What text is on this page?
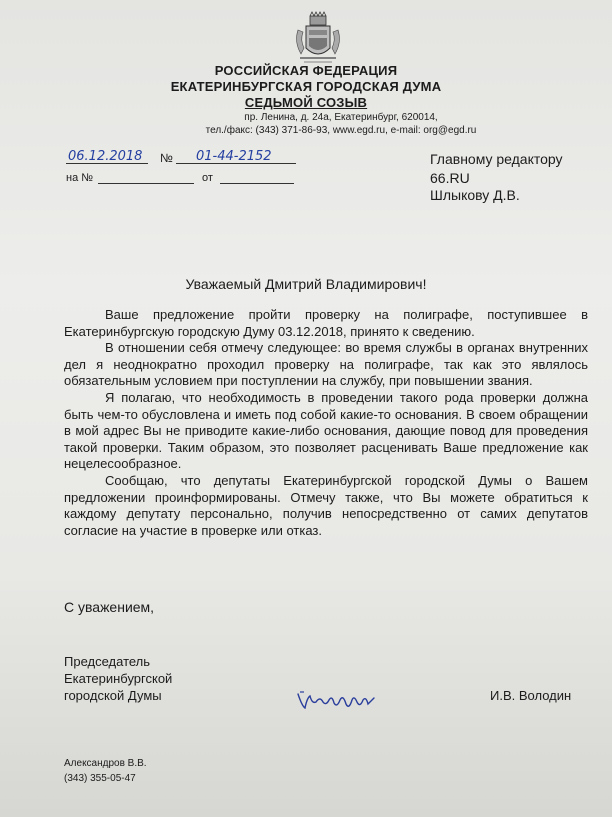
РОССИЙСКАЯ ФЕДЕРАЦИЯ
ЕКАТЕРИНБУРГСКАЯ ГОРОДСКАЯ ДУМА
СЕДЬМОЙ СОЗЫВ
пр. Ленина, д. 24а, Екатеринбург, 620014,
тел./факс: (343) 371-86-93, www.egd.ru, e-mail: org@egd.ru
06.12.2018 № 01-44-2152
на №	от
Главному редактору
66.RU
Шлыкову Д.В.
Уважаемый Дмитрий Владимирович!

Ваше предложение пройти проверку на полиграфе, поступившее в Екатеринбургскую городскую Думу 03.12.2018, принято к сведению.

В отношении себя отмечу следующее: во время службы в органах внутренних дел я неоднократно проходил проверку на полиграфе, так как это являлось обязательным условием при поступлении на службу, при повышении звания.

Я полагаю, что необходимость в проведении такого рода проверки должна быть чем-то обусловлена и иметь под собой какие-то основания. В своем обращении в мой адрес Вы не приводите какие-либо основания, дающие повод для проведения такой проверки. Таким образом, это позволяет расценивать Ваше предложение как нецелесообразное.

Сообщаю, что депутаты Екатеринбургской городской Думы о Вашем предложении проинформированы. Отмечу также, что Вы можете обратиться к каждому депутату персонально, получив непосредственно от самих депутатов согласие на участие в проверке или отказ.

С уважением,
Председатель
Екатеринбургской
городской Думы	И.В. Володин
Александров В.В.
(343) 355-05-47
